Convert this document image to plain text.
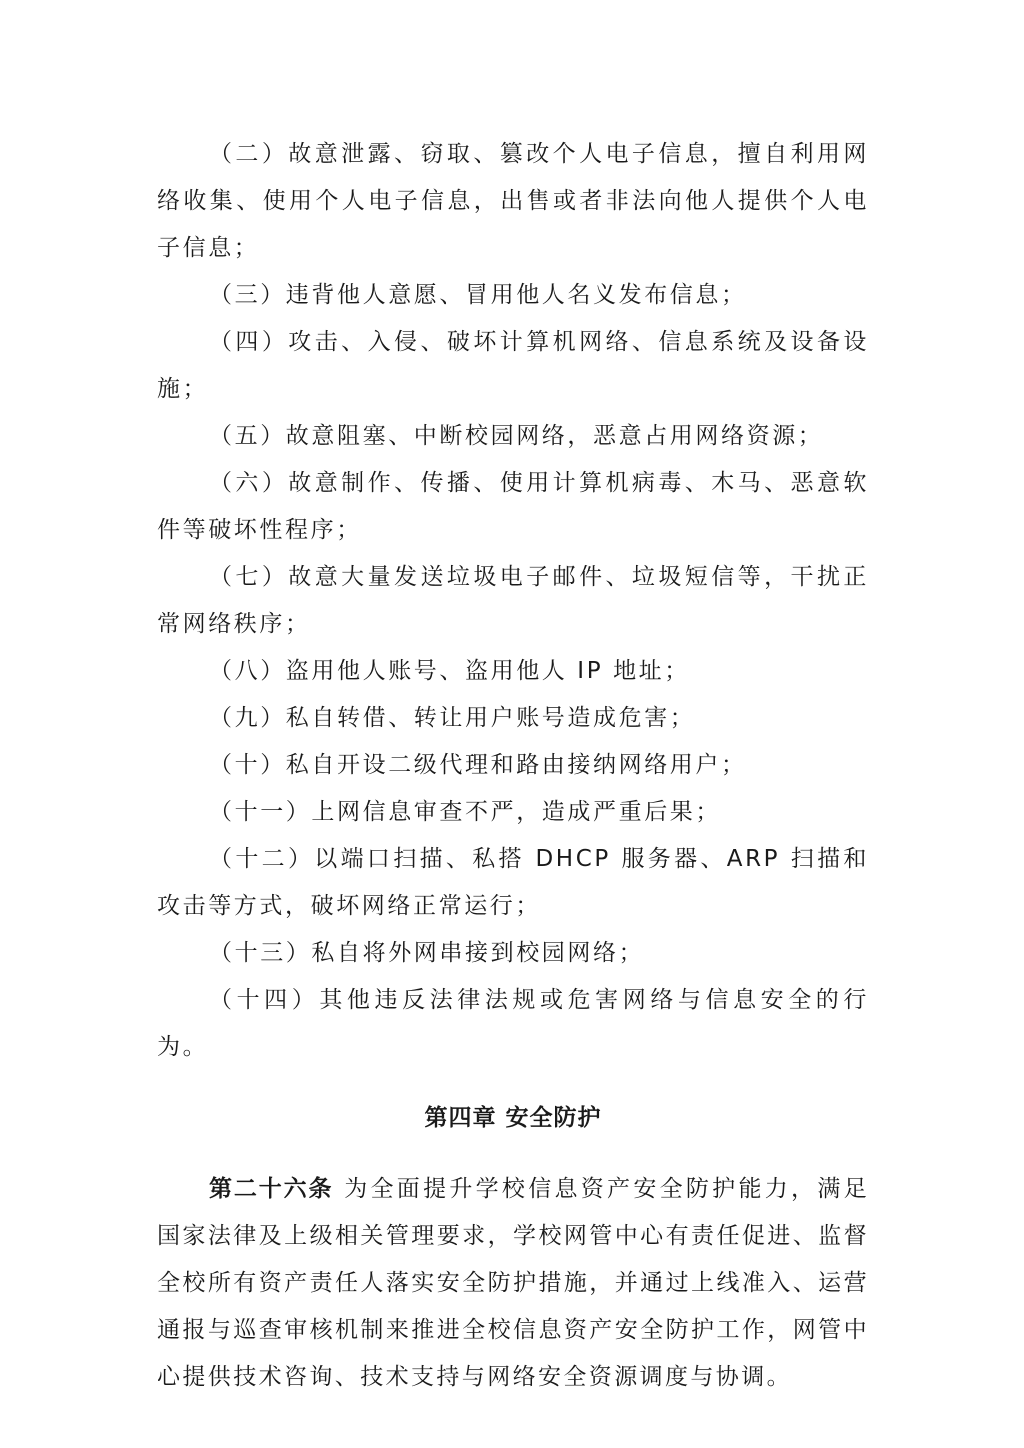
（二）故意泄露、窃取、篡改个人电子信息，擅自利用网络收集、使用个人电子信息，出售或者非法向他人提供个人电子信息；

（三）违背他人意愿、冒用他人名义发布信息；

（四）攻击、入侵、破坏计算机网络、信息系统及设备设施；

（五）故意阻塞、中断校园网络，恶意占用网络资源；

（六）故意制作、传播、使用计算机病毒、木马、恶意软件等破坏性程序；

（七）故意大量发送垃圾电子邮件、垃圾短信等，干扰正常网络秩序；

（八）盗用他人账号、盗用他人 IP 地址；

（九）私自转借、转让用户账号造成危害；

（十）私自开设二级代理和路由接纳网络用户；

（十一）上网信息审查不严，造成严重后果；

（十二）以端口扫描、私搭 DHCP 服务器、ARP 扫描和攻击等方式，破坏网络正常运行；

（十三）私自将外网串接到校园网络；

（十四）其他违反法律法规或危害网络与信息安全的行为。

第四章 安全防护

第二十六条 为全面提升学校信息资产安全防护能力，满足国家法律及上级相关管理要求，学校网管中心有责任促进、监督全校所有资产责任人落实安全防护措施，并通过上线准入、运营通报与巡查审核机制来推进全校信息资产安全防护工作，网管中心提供技术咨询、技术支持与网络安全资源调度与协调。
